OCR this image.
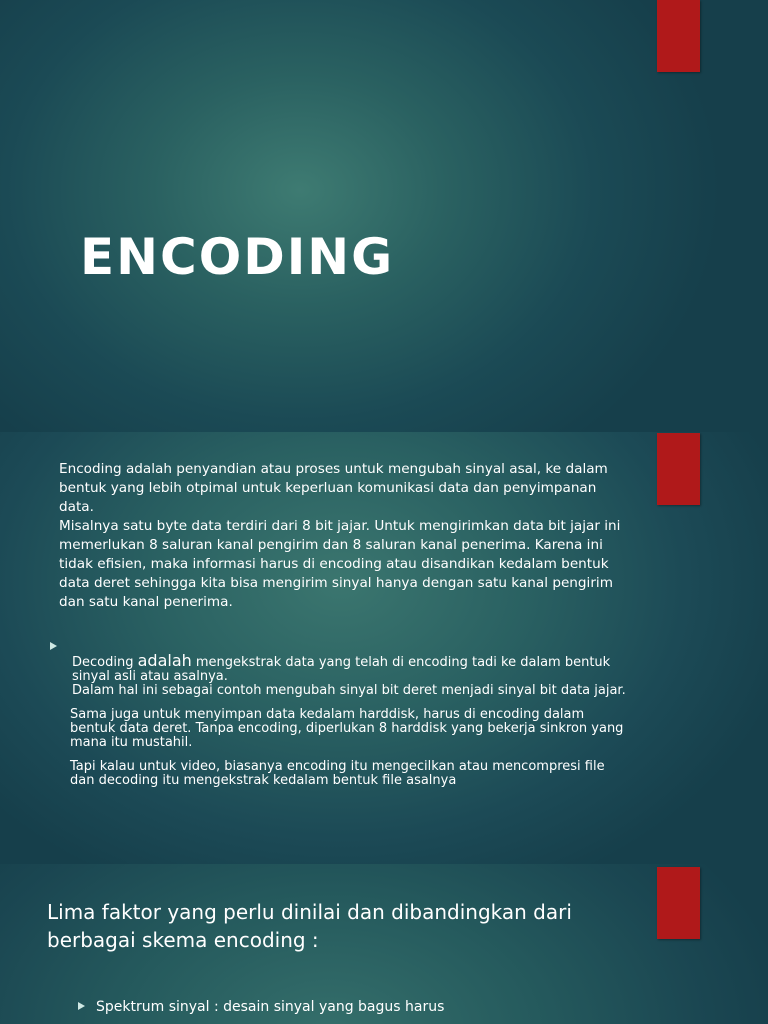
ENCODING

Encoding adalah penyandian atau proses untuk mengubah sinyal asal, ke dalam
bentuk yang lebih otpimal untuk keperluan komunikasi data dan penyimpanan
data.
Misalnya satu byte data terdiri dari 8 bit jajar. Untuk mengirimkan data bit jajar ini
memerlukan 8 saluran kanal pengirim dan 8 saluran kanal penerima. Karena ini
tidak efisien, maka informasi harus di encoding atau disandikan kedalam bentuk
data deret sehingga kita bisa mengirim sinyal hanya dengan satu kanal pengirim
dan satu kanal penerima.

Decoding adalah mengekstrak data yang telah di encoding tadi ke dalam bentuk
sinyal asli atau asalnya.
Dalam hal ini sebagai contoh mengubah sinyal bit deret menjadi sinyal bit data jajar.

Sama juga untuk menyimpan data kedalam harddisk, harus di encoding dalam
bentuk data deret. Tanpa encoding, diperlukan 8 harddisk yang bekerja sinkron yang
mana itu mustahil.

Tapi kalau untuk video, biasanya encoding itu mengecilkan atau mencompresi file
dan decoding itu mengekstrak kedalam bentuk file asalnya

Lima faktor yang perlu dinilai dan dibandingkan dari
berbagai skema encoding :
Spektrum sinyal : desain sinyal yang bagus harus
